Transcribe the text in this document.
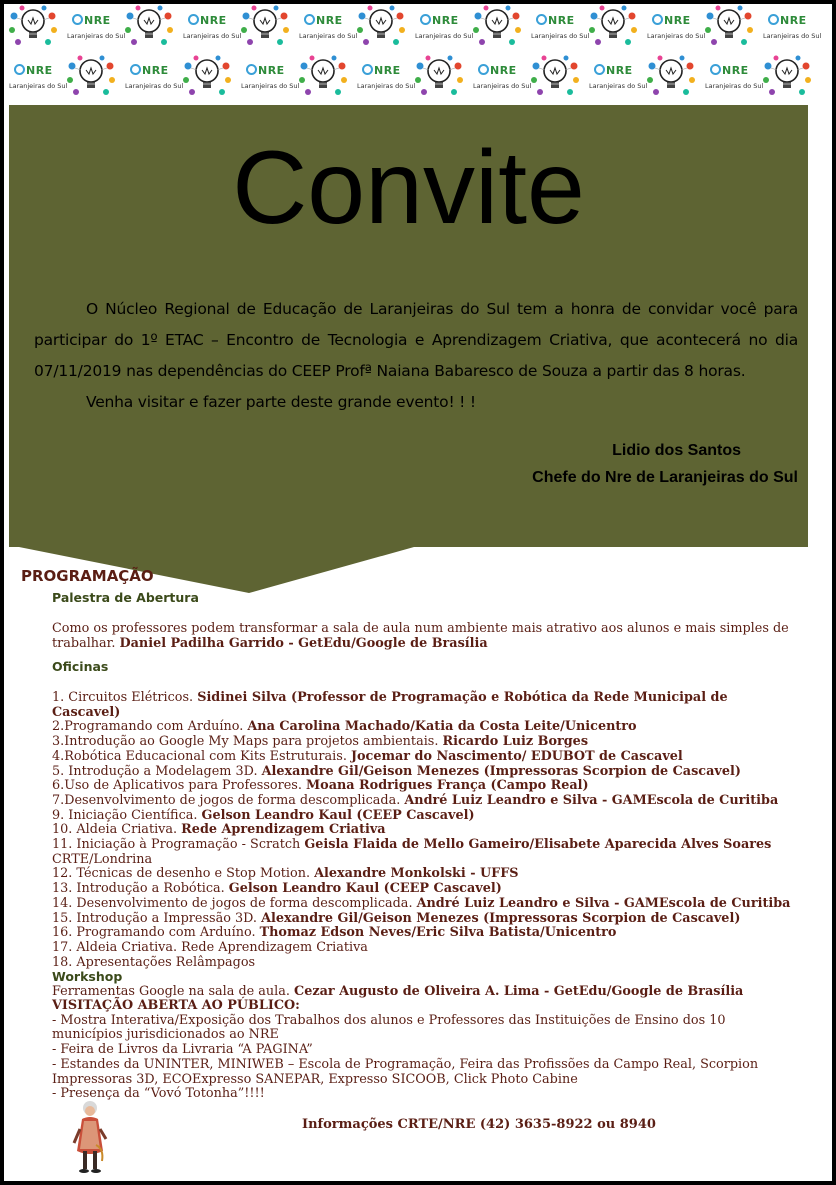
NRE
Laranjeiras do Sul
NRE
Laranjeiras do Sul
NRE
Laranjeiras do Sul
NRE
Laranjeiras do Sul
NRE
Laranjeiras do Sul
NRE
Laranjeiras do Sul
NRE
Laranjeiras do Sul
NRE
Laranjeiras do Sul
NRE
Laranjeiras do Sul
NRE
Laranjeiras do Sul
NRE
Laranjeiras do Sul
NRE
Laranjeiras do Sul
NRE
Laranjeiras do Sul
NRE
Laranjeiras do Sul
Convite

O Núcleo Regional de Educação de Laranjeiras do Sul tem a honra de convidar você para participar do 1º ETAC – Encontro de Tecnologia e Aprendizagem Criativa, que acontecerá no dia 07/11/2019 nas dependências do CEEP Profª Naiana Babaresco de Souza a partir das 8 horas.

Venha visitar e fazer parte deste grande evento! ! !

Lidio dos Santos
Chefe do Nre de Laranjeiras do Sul
PROGRAMAÇÃO
Palestra de Abertura
Como os professores podem transformar a sala de aula num ambiente mais atrativo aos alunos e mais simples de trabalhar. Daniel Padilha Garrido - GetEdu/Google de Brasília
Oficinas
1. Circuitos Elétricos. Sidinei Silva (Professor de Programação e Robótica da Rede Municipal de Cascavel)
2.Programando com Arduíno. Ana Carolina Machado/Katia da Costa Leite/Unicentro
3.Introdução ao Google My Maps para projetos ambientais. Ricardo Luiz Borges
4.Robótica Educacional com Kits Estruturais. Jocemar do Nascimento/ EDUBOT de Cascavel
5. Introdução a Modelagem 3D. Alexandre Gil/Geison Menezes (Impressoras Scorpion de Cascavel)
6.Uso de Aplicativos para Professores. Moana Rodrigues França (Campo Real)
7.Desenvolvimento de jogos de forma descomplicada. André Luiz Leandro e Silva - GAMEscola de Curitiba
9. Iniciação Científica. Gelson Leandro Kaul (CEEP Cascavel)
10. Aldeia Criativa. Rede Aprendizagem Criativa
11. Iniciação à Programação - Scratch Geisla Flaida de Mello Gameiro/Elisabete Aparecida Alves Soares CRTE/Londrina
12. Técnicas de desenho e Stop Motion. Alexandre Monkolski - UFFS
13. Introdução a Robótica. Gelson Leandro Kaul (CEEP Cascavel)
14. Desenvolvimento de jogos de forma descomplicada. André Luiz Leandro e Silva - GAMEscola de Curitiba
15. Introdução a Impressão 3D. Alexandre Gil/Geison Menezes (Impressoras Scorpion de Cascavel)
16. Programando com Arduíno. Thomaz Edson Neves/Eric Silva Batista/Unicentro
17. Aldeia Criativa. Rede Aprendizagem Criativa
18. Apresentações Relâmpagos
Workshop
Ferramentas Google na sala de aula. Cezar Augusto de Oliveira A. Lima - GetEdu/Google de Brasília
VISITAÇÃO ABERTA AO PÚBLICO:
- Mostra Interativa/Exposição dos Trabalhos dos alunos e Professores das Instituições de Ensino dos 10 municípios jurisdicionados ao NRE
- Feira de Livros da Livraria “A PAGINA”
- Estandes da UNINTER, MINIWEB – Escola de Programação, Feira das Profissões da Campo Real, Scorpion Impressoras 3D, ECOExpresso SANEPAR, Expresso SICOOB, Click Photo Cabine
- Presença da “Vovó Totonha”!!!!
Informações CRTE/NRE (42) 3635-8922 ou 8940
